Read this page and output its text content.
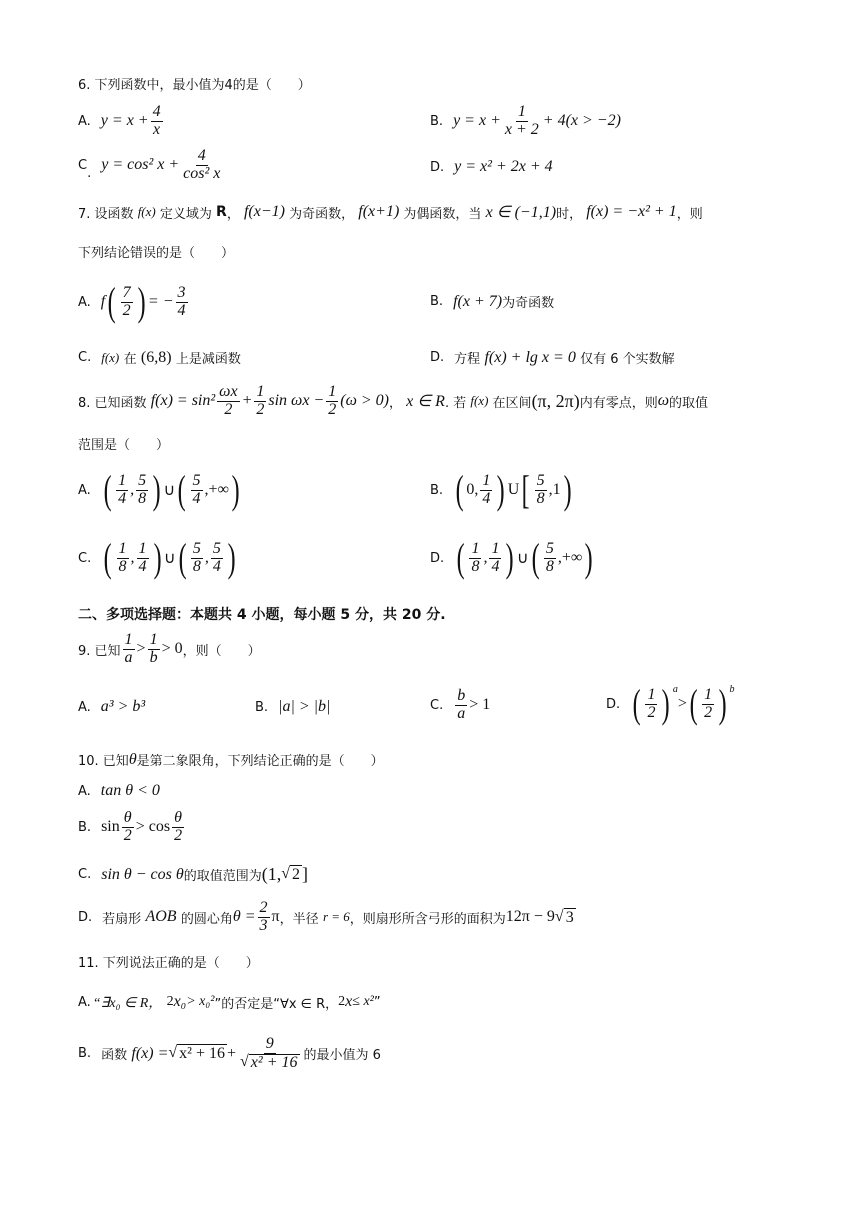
6. 下列函数中，最小值为4的是（　　）
A. $y = x + \frac{4}{x}$	B. $y = x + \frac{1}{x + 2} + 4(x > -2)$
C
. y = cos² $x + \frac{4}{\text{cos² x}}$	D. y = x² + 2x + 4
7. 设函数
f(x)
定义域为
R ，
f(x−1)
为奇函数，
f(x+1)
为偶函数，当
x ∈ (−1,1) 时，
f(x) = −x² + 1 ，则
下列结论错误的是（　　）
A. f ( $\frac{7}{2}$ ) = − $\frac{3}{4}$	B. f(x + 7) 为奇函数
C. f(x)
在
(6,8)
上是减函数	D. 方程
f(x) + lg x = 0
仅有 6 个实数解
8. 已知函数
$f(x) = \sin^2 \frac{\omega x}{2} + \frac{1}{2}$ $\sin \omega x - \frac{1}{2} (\omega > 0)$ ，
x ∈ R . 若
f(x)
在区间 (π, 2π) 内有零点，则 ω 的取值
范围是（　　）
A. ( $\frac{1}{4}$ , $\frac{5}{8}$ ) ∪ ( $\frac{5}{4}$ ,+∞ )	B. ( 0, $\frac{1}{4}$ ) U [ $\frac{5}{8} ,1$ )
C. ( $\frac{1}{8}$ , $\frac{1}{4}$ ) ∪ ( $\frac{5}{8}$ , $\frac{5}{4}$ )	D. ( $\frac{1}{8}$ , $\frac{1}{4}$ ) ∪ ( $\frac{5}{8}$ ,+∞ )
二、多项选择题：本题共 4 小题，每小题 5 分，共 20 分.
9. 已知 $\frac{1}{a} > \frac{1}{b} > 0$ ，则（　　）
A. a³ > b³	B. |a| > |b|	C. $\frac{b}{a} > 1$	D. ( $\frac{1}{2}$ ) a
> ( $\frac{1}{2}$ ) b
10. 已知 θ 是第二象限角，下列结论正确的是（　　）
A. tan θ < 0
B. $\sin \frac{\theta}{2} > \cos \frac{\theta}{2}$
C. sin θ − cos θ 的取值范围为 (1, √ 2 ]
D. 若扇形
AOB
的圆心角 $\theta = \frac{2}{3}$ π ，半径
r = 6 ，则扇形所含弓形的面积为 12π − 9 √ 3
11. 下列说法正确的是（　　）
A. “∃x₀ ∈ R，
2 x₀ > x₀² ”的否定是“∀x ∈ R， 2 x ≤ x² ”
B. 函数
f(x) = √ $x^2 + 16 + \frac{9}{\text{√ x² + 16}}$ 的最小值为 6
